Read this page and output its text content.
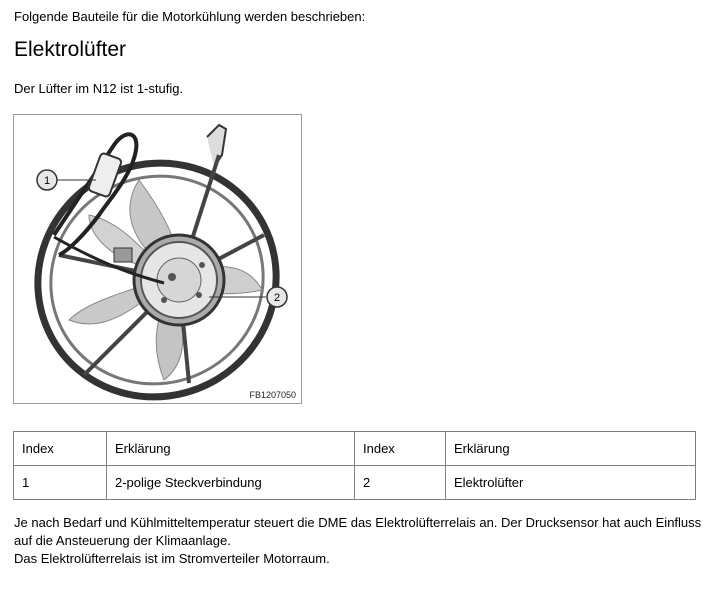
Folgende Bauteile für die Motorkühlung werden beschrieben:
Elektrolüfter
Der Lüfter im N12 ist 1-stufig.
1
2
FB1207050
Index	Erklärung	Index	Erklärung
1	2-polige Steckverbindung	2	Elektrolüfter

Je nach Bedarf und Kühlmitteltemperatur steuert die DME das Elektrolüfterrelais an. Der Drucksensor hat auch Einfluss auf die Ansteuerung der Klimaanlage.

Das Elektrolüfterrelais ist im Stromverteiler Motorraum.
